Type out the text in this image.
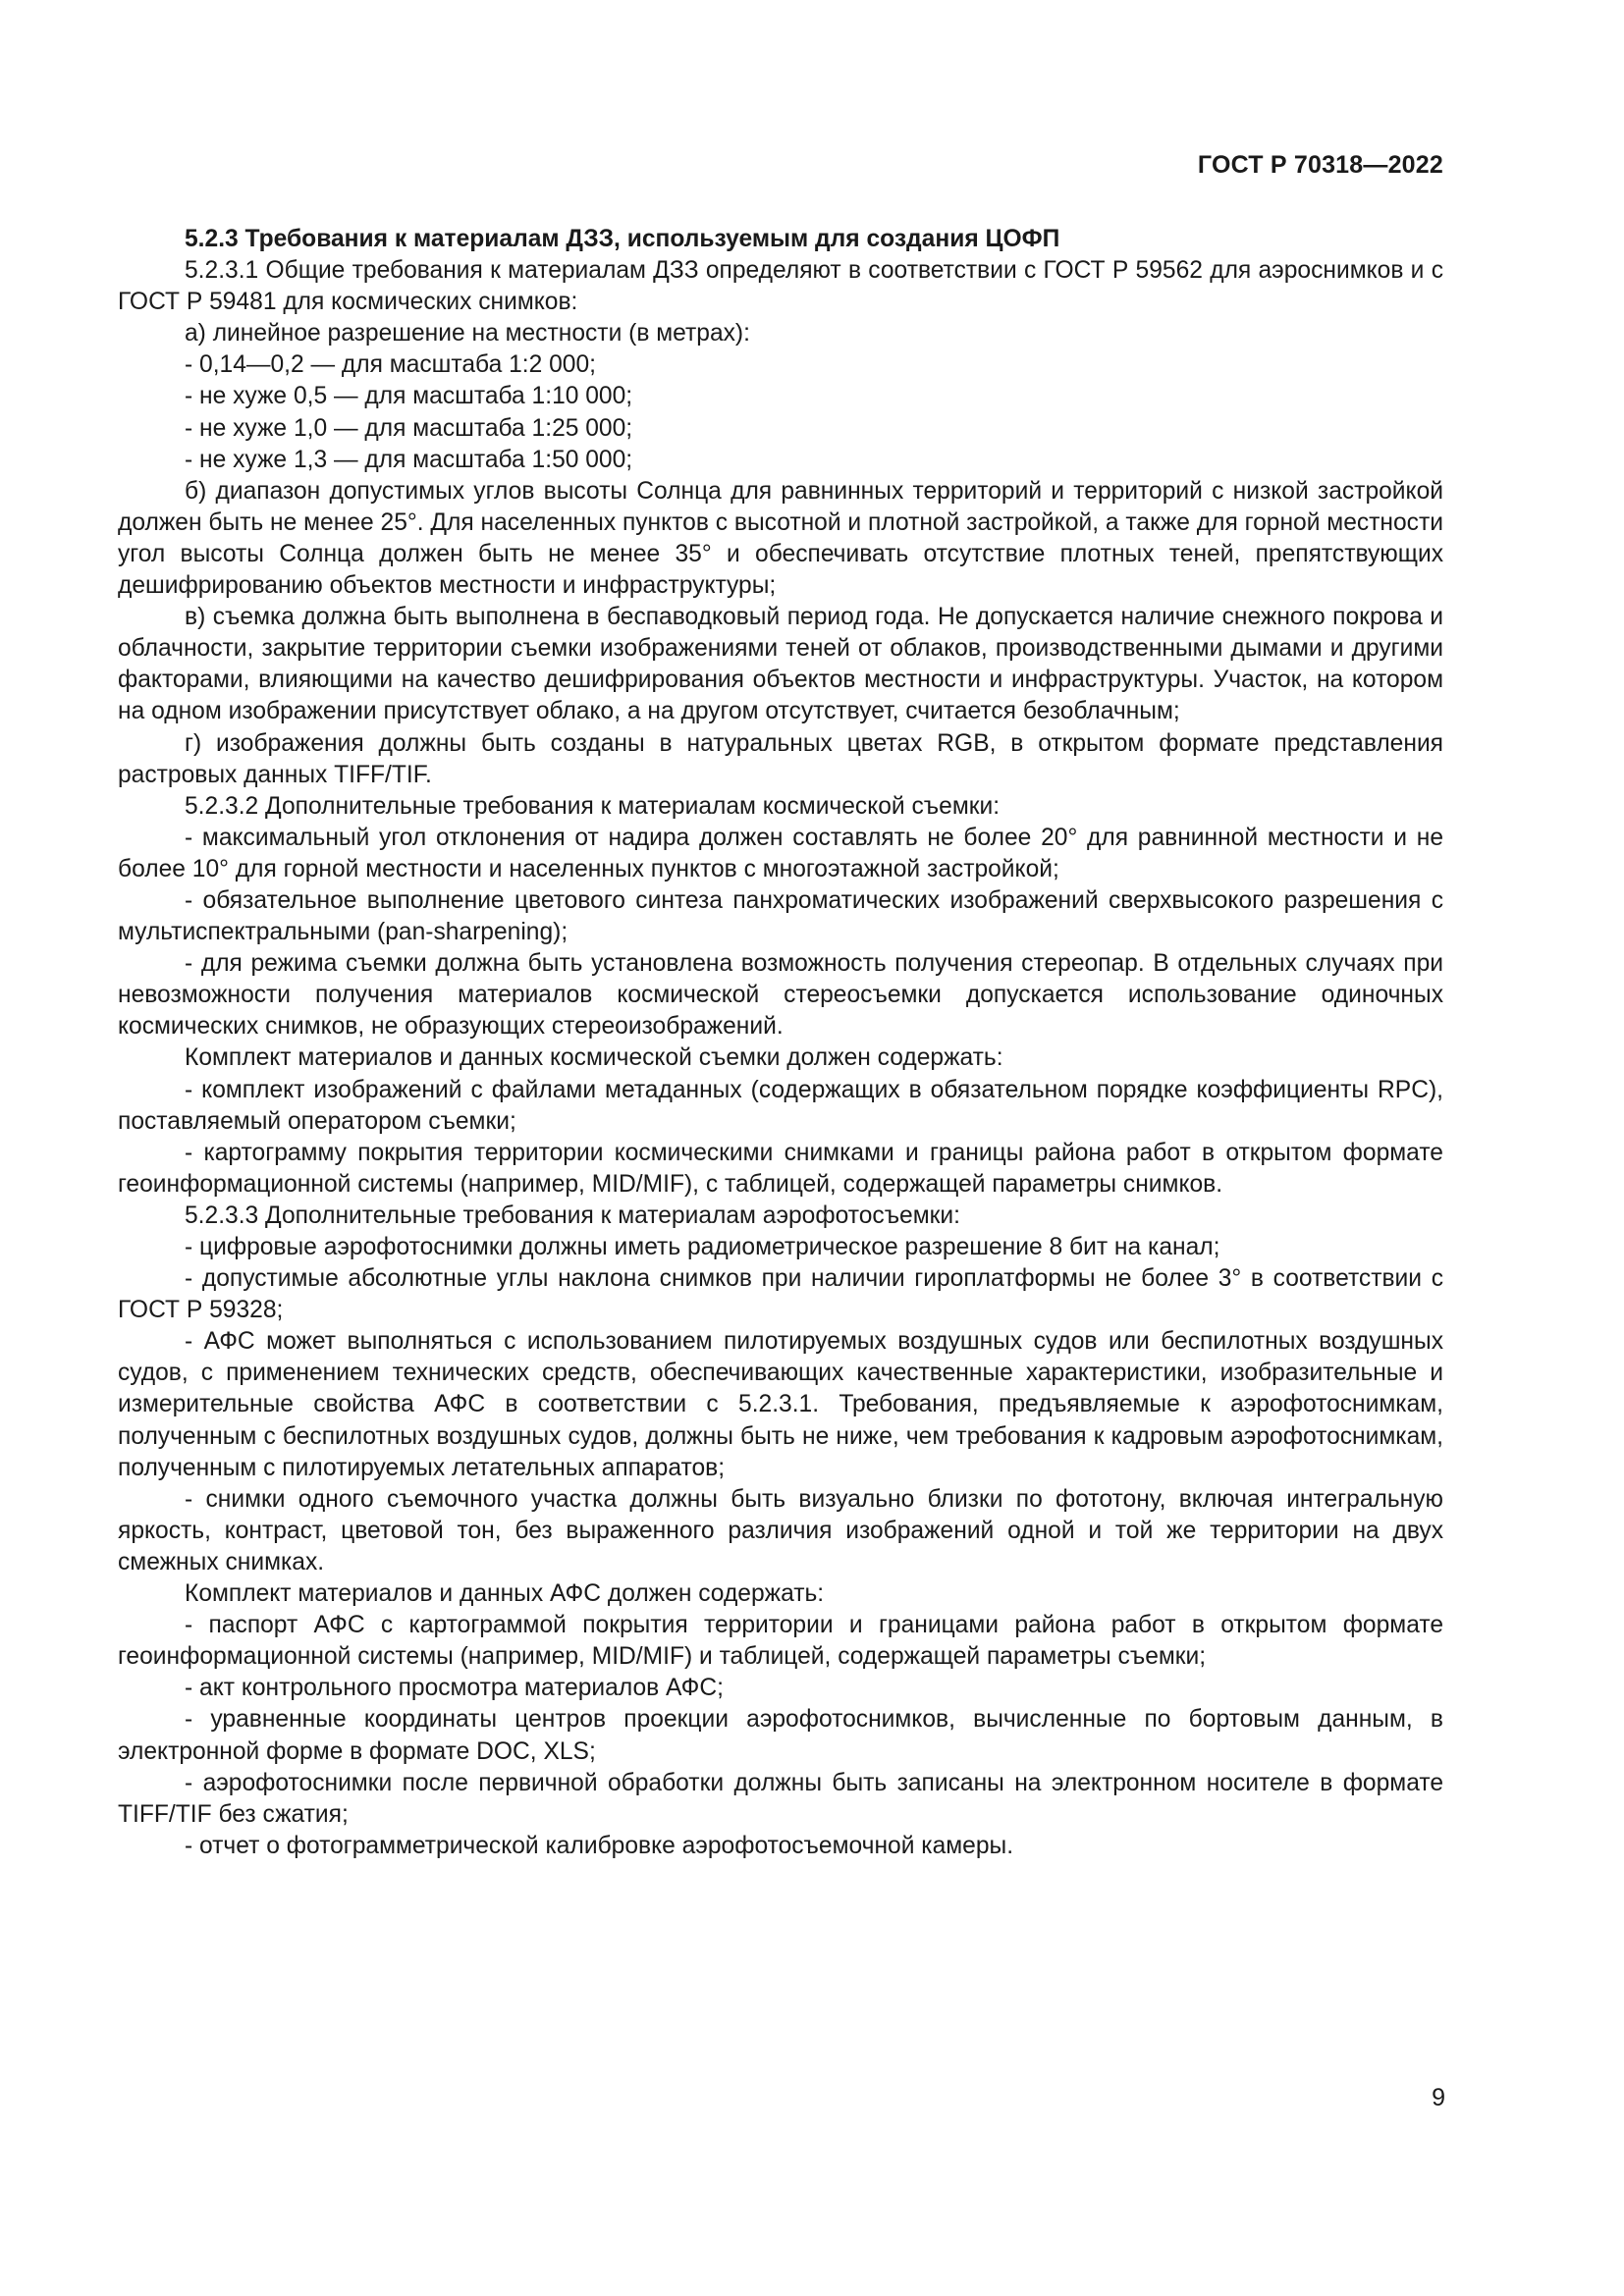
ГОСТ Р 70318—2022

5.2.3 Требования к материалам ДЗЗ, используемым для создания ЦОФП

5.2.3.1 Общие требования к материалам ДЗЗ определяют в соответствии с ГОСТ Р 59562 для аэроснимков и с ГОСТ Р 59481 для космических снимков:

а) линейное разрешение на местности (в метрах):

- 0,14—0,2 — для масштаба 1:2 000;

- не хуже 0,5 — для масштаба 1:10 000;

- не хуже 1,0 — для масштаба 1:25 000;

- не хуже 1,3 — для масштаба 1:50 000;

б) диапазон допустимых углов высоты Солнца для равнинных территорий и территорий с низкой застройкой должен быть не менее 25°. Для населенных пунктов с высотной и плотной застройкой, а также для горной местности угол высоты Солнца должен быть не менее 35° и обеспечивать отсутствие плотных теней, препятствующих дешифрированию объектов местности и инфраструктуры;

в) съемка должна быть выполнена в беспаводковый период года. Не допускается наличие снежного покрова и облачности, закрытие территории съемки изображениями теней от облаков, производственными дымами и другими факторами, влияющими на качество дешифрирования объектов местности и инфраструктуры. Участок, на котором на одном изображении присутствует облако, а на другом отсутствует, считается безоблачным;

г) изображения должны быть созданы в натуральных цветах RGB, в открытом формате представления растровых данных TIFF/TIF.

5.2.3.2 Дополнительные требования к материалам космической съемки:

- максимальный угол отклонения от надира должен составлять не более 20° для равнинной местности и не более 10° для горной местности и населенных пунктов с многоэтажной застройкой;

- обязательное выполнение цветового синтеза панхроматических изображений сверхвысокого разрешения с мультиспектральными (pan-sharpening);

- для режима съемки должна быть установлена возможность получения стереопар. В отдельных случаях при невозможности получения материалов космической стереосъемки допускается использование одиночных космических снимков, не образующих стереоизображений.

Комплект материалов и данных космической съемки должен содержать:

- комплект изображений с файлами метаданных (содержащих в обязательном порядке коэффициенты RPC), поставляемый оператором съемки;

- картограмму покрытия территории космическими снимками и границы района работ в открытом формате геоинформационной системы (например, MID/MIF), с таблицей, содержащей параметры снимков.

5.2.3.3 Дополнительные требования к материалам аэрофотосъемки:

- цифровые аэрофотоснимки должны иметь радиометрическое разрешение 8 бит на канал;

- допустимые абсолютные углы наклона снимков при наличии гироплатформы не более 3° в соответствии с ГОСТ Р 59328;

- АФС может выполняться с использованием пилотируемых воздушных судов или беспилотных воздушных судов, с применением технических средств, обеспечивающих качественные характеристики, изобразительные и измерительные свойства АФС в соответствии с 5.2.3.1. Требования, предъявляемые к аэрофотоснимкам, полученным с беспилотных воздушных судов, должны быть не ниже, чем требования к кадровым аэрофотоснимкам, полученным с пилотируемых летательных аппаратов;

- снимки одного съемочного участка должны быть визуально близки по фототону, включая интегральную яркость, контраст, цветовой тон, без выраженного различия изображений одной и той же территории на двух смежных снимках.

Комплект материалов и данных АФС должен содержать:

- паспорт АФС с картограммой покрытия территории и границами района работ в открытом формате геоинформационной системы (например, MID/MIF) и таблицей, содержащей параметры съемки;

- акт контрольного просмотра материалов АФС;

- уравненные координаты центров проекции аэрофотоснимков, вычисленные по бортовым данным, в электронной форме в формате DOC, XLS;

- аэрофотоснимки после первичной обработки должны быть записаны на электронном носителе в формате TIFF/TIF без сжатия;

- отчет о фотограмметрической калибровке аэрофотосъемочной камеры.

9
